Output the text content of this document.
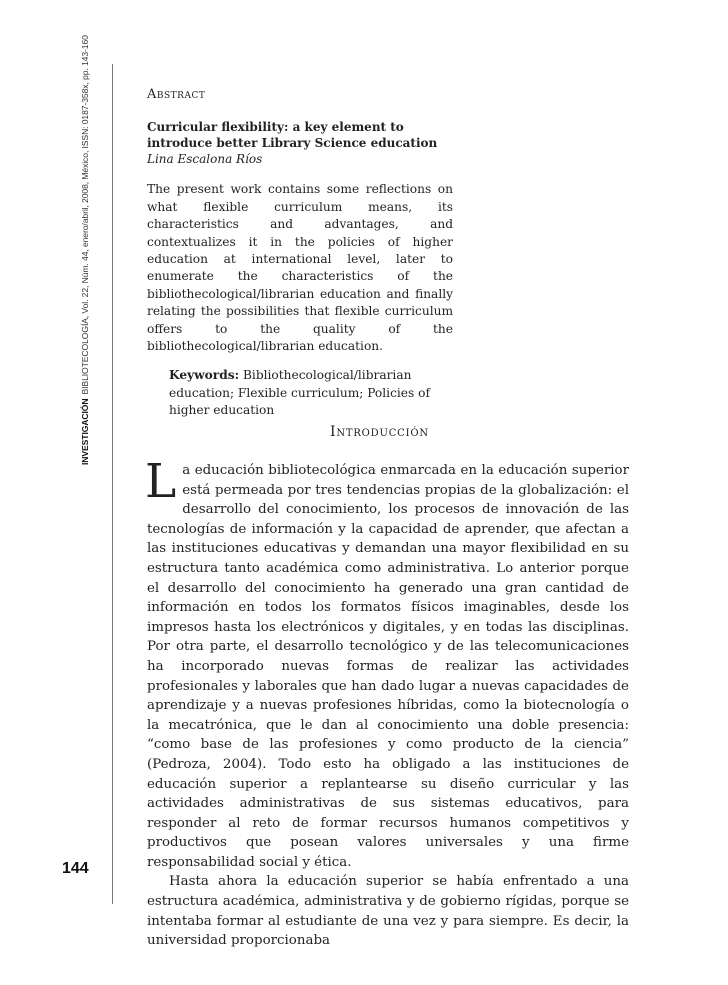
INVESTIGACIÓNBIBLIOTECOLOGÍA, Vol. 22, Núm. 44, enero/abril, 2008, México, ISSN: 0187-358x, pp. 143-160
144
Abstract
Curricular flexibility: a key element to introduce better Library Science education
Lina Escalona Ríos
The present work contains some reflections on what flexible curriculum means, its characteristics and advantages, and contextualizes it in the policies of higher education at international level, later to enumerate the characteristics of the bibliothecological/librarian education and finally relating the possibilities that flexible curriculum offers to the quality of the bibliothecological/librarian education.
Keywords: Bibliothecological/librarian education; Flexible curriculum; Policies of higher education
Introducción

La educación bibliotecológica enmarcada en la educación superior está permeada por tres tendencias propias de la globalización: el desarrollo del conocimiento, los procesos de innovación de las tecnologías de información y la capacidad de aprender, que afectan a las instituciones educativas y demandan una mayor flexibilidad en su estructura tanto académica como administrativa. Lo anterior porque el desarrollo del conocimiento ha generado una gran cantidad de información en todos los formatos físicos imaginables, desde los impresos hasta los electrónicos y digitales, y en todas las disciplinas. Por otra parte, el desarrollo tecnológico y de las telecomunicaciones ha incorporado nuevas formas de realizar las actividades profesionales y laborales que han dado lugar a nuevas capacidades de aprendizaje y a nuevas profesiones híbridas, como la biotecnología o la mecatrónica, que le dan al conocimiento una doble presencia: “como base de las profesiones y como producto de la ciencia” (Pedroza, 2004). Todo esto ha obligado a las instituciones de educación superior a replantearse su diseño curricular y las actividades administrativas de sus sistemas educativos, para responder al reto de formar recursos humanos competitivos y productivos que posean valores universales y una firme responsabilidad social y ética.

Hasta ahora la educación superior se había enfrentado a una estructura académica, administrativa y de gobierno rígidas, porque se intentaba formar al estudiante de una vez y para siempre. Es decir, la universidad proporcionaba
